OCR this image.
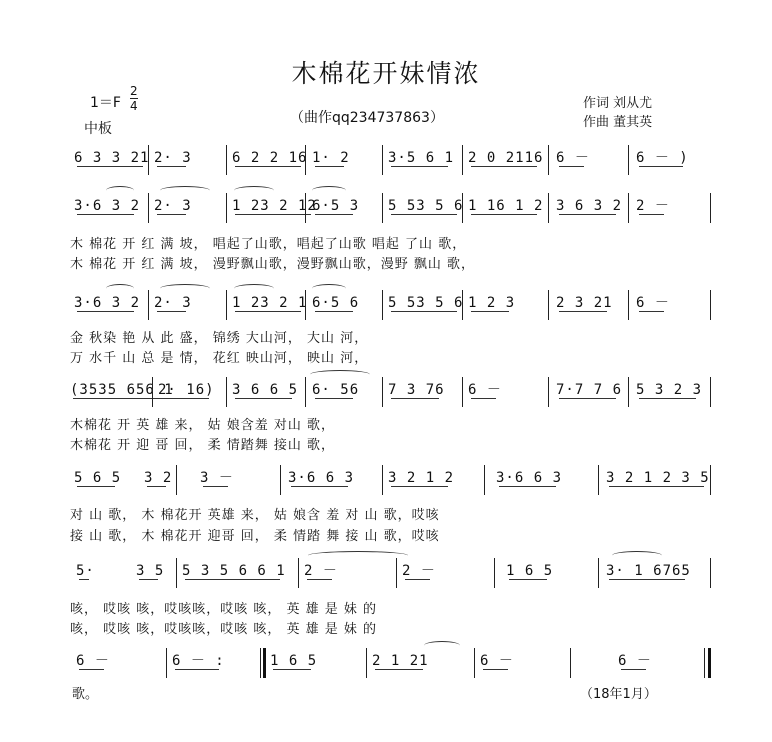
木棉花开妹情浓
1＝F
2
4
中板
（曲作qq234737863）
作词 刘从尤
作曲 董其英
6 3 3 21 2· 3	6 2 2 16 1· 2	3·5 6 1 2 0 2116 6 －	6 － )
3·6 3 2 2· 3	1 23 2 12
6·5 3 5 53 5 6 1 16 1 2 3 6 3 2 2 －
木 棉花 开 红 满 坡， 唱起了山歌，唱起了山歌 唱起 了山 歌，
木 棉花 开 红 满 坡， 漫野飘山歌，漫野飘山歌，漫野 飘山 歌，
3·6 3 2 2· 3	1 23 2 1 6·5 6 5 53 5 6 1 2 3	2 3 21 6 －
金 秋染 艳 从 此 盛， 锦绣 大山河， 大山 河，
万 水千 山 总 是 情， 花红 映山河， 映山 河，
(3535 656 1
2· 16) 3 6 6 5 6· 56 7 3 76 6 －	7·7 7 6 5 3 2 3
木棉花 开 英 雄 来， 姑 娘含羞 对山 歌，
木棉花 开 迎 哥 回， 柔 情踏舞 接山 歌，
5 6 5 3 2 3 －	3·6 6 3 3 2 1 2	3·6 6 3	3 2 1 2 3 5
对 山 歌， 木 棉花开 英雄 来， 姑 娘含 羞 对 山 歌，哎咳
接 山 歌， 木 棉花开 迎哥 回， 柔 情踏 舞 接 山 歌，哎咳
5·	3 5 5 3 5 6 6 1 2 －	2 －	1 6 5	3· 1 6765
咳， 哎咳 咳，哎咳咳，哎咳 咳， 英 雄 是 妹 的
咳， 哎咳 咳，哎咳咳，哎咳 咳， 英 雄 是 妹 的
6 －	6 － :	1 6 5	2 1 21	6 －	6 －
歌。	（18年1月）
